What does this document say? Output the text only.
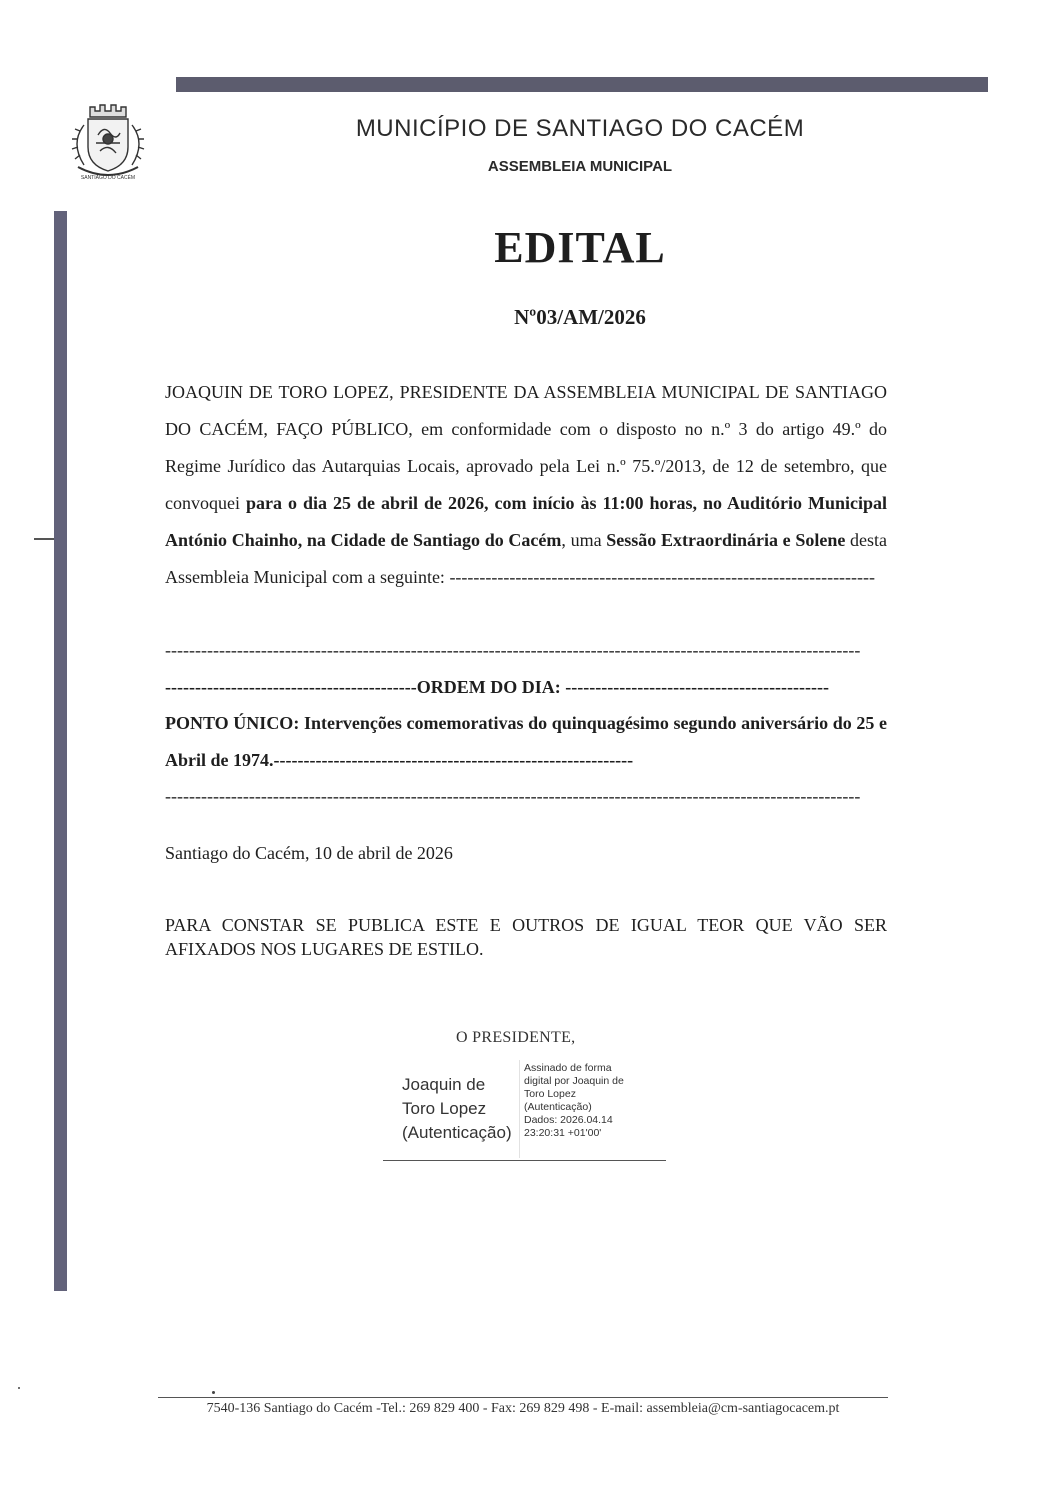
SANTIAGO DO CACÉM
MUNICÍPIO DE SANTIAGO DO CACÉM
ASSEMBLEIA MUNICIPAL
EDITAL
Nº03/AM/2026
JOAQUIN DE TORO LOPEZ, PRESIDENTE DA ASSEMBLEIA MUNICIPAL DE SANTIAGO DO CACÉM, FAÇO PÚBLICO, em conformidade com o disposto no n.º 3 do artigo 49.º do Regime Jurídico das Autarquias Locais, aprovado pela Lei n.º 75.º/2013, de 12 de setembro, que convoquei para o dia 25 de abril de 2026, com início às 11:00 horas, no Auditório Municipal António Chainho, na Cidade de Santiago do Cacém, uma Sessão Extraordinária e Solene desta Assembleia Municipal com a seguinte: -----------------------------------------------------------------------
--------------------------------------------------------------------------------------------------------------------
------------------------------------------ORDEM DO DIA: --------------------------------------------
PONTO ÚNICO: Intervenções comemorativas do quinquagésimo segundo aniversário do 25 e Abril de 1974.------------------------------------------------------------
--------------------------------------------------------------------------------------------------------------------
Santiago do Cacém, 10 de abril de 2026
PARA CONSTAR SE PUBLICA ESTE E OUTROS DE IGUAL TEOR QUE VÃO SER AFIXADOS NOS LUGARES DE ESTILO.
O PRESIDENTE,
Joaquin de
Toro Lopez
(Autenticação)
Assinado de forma
digital por Joaquin de
Toro Lopez
(Autenticação)
Dados: 2026.04.14
23:20:31 +01'00'
7540-136 Santiago do Cacém -Tel.: 269 829 400 - Fax: 269 829 498 - E-mail: assembleia@cm-santiagocacem.pt
